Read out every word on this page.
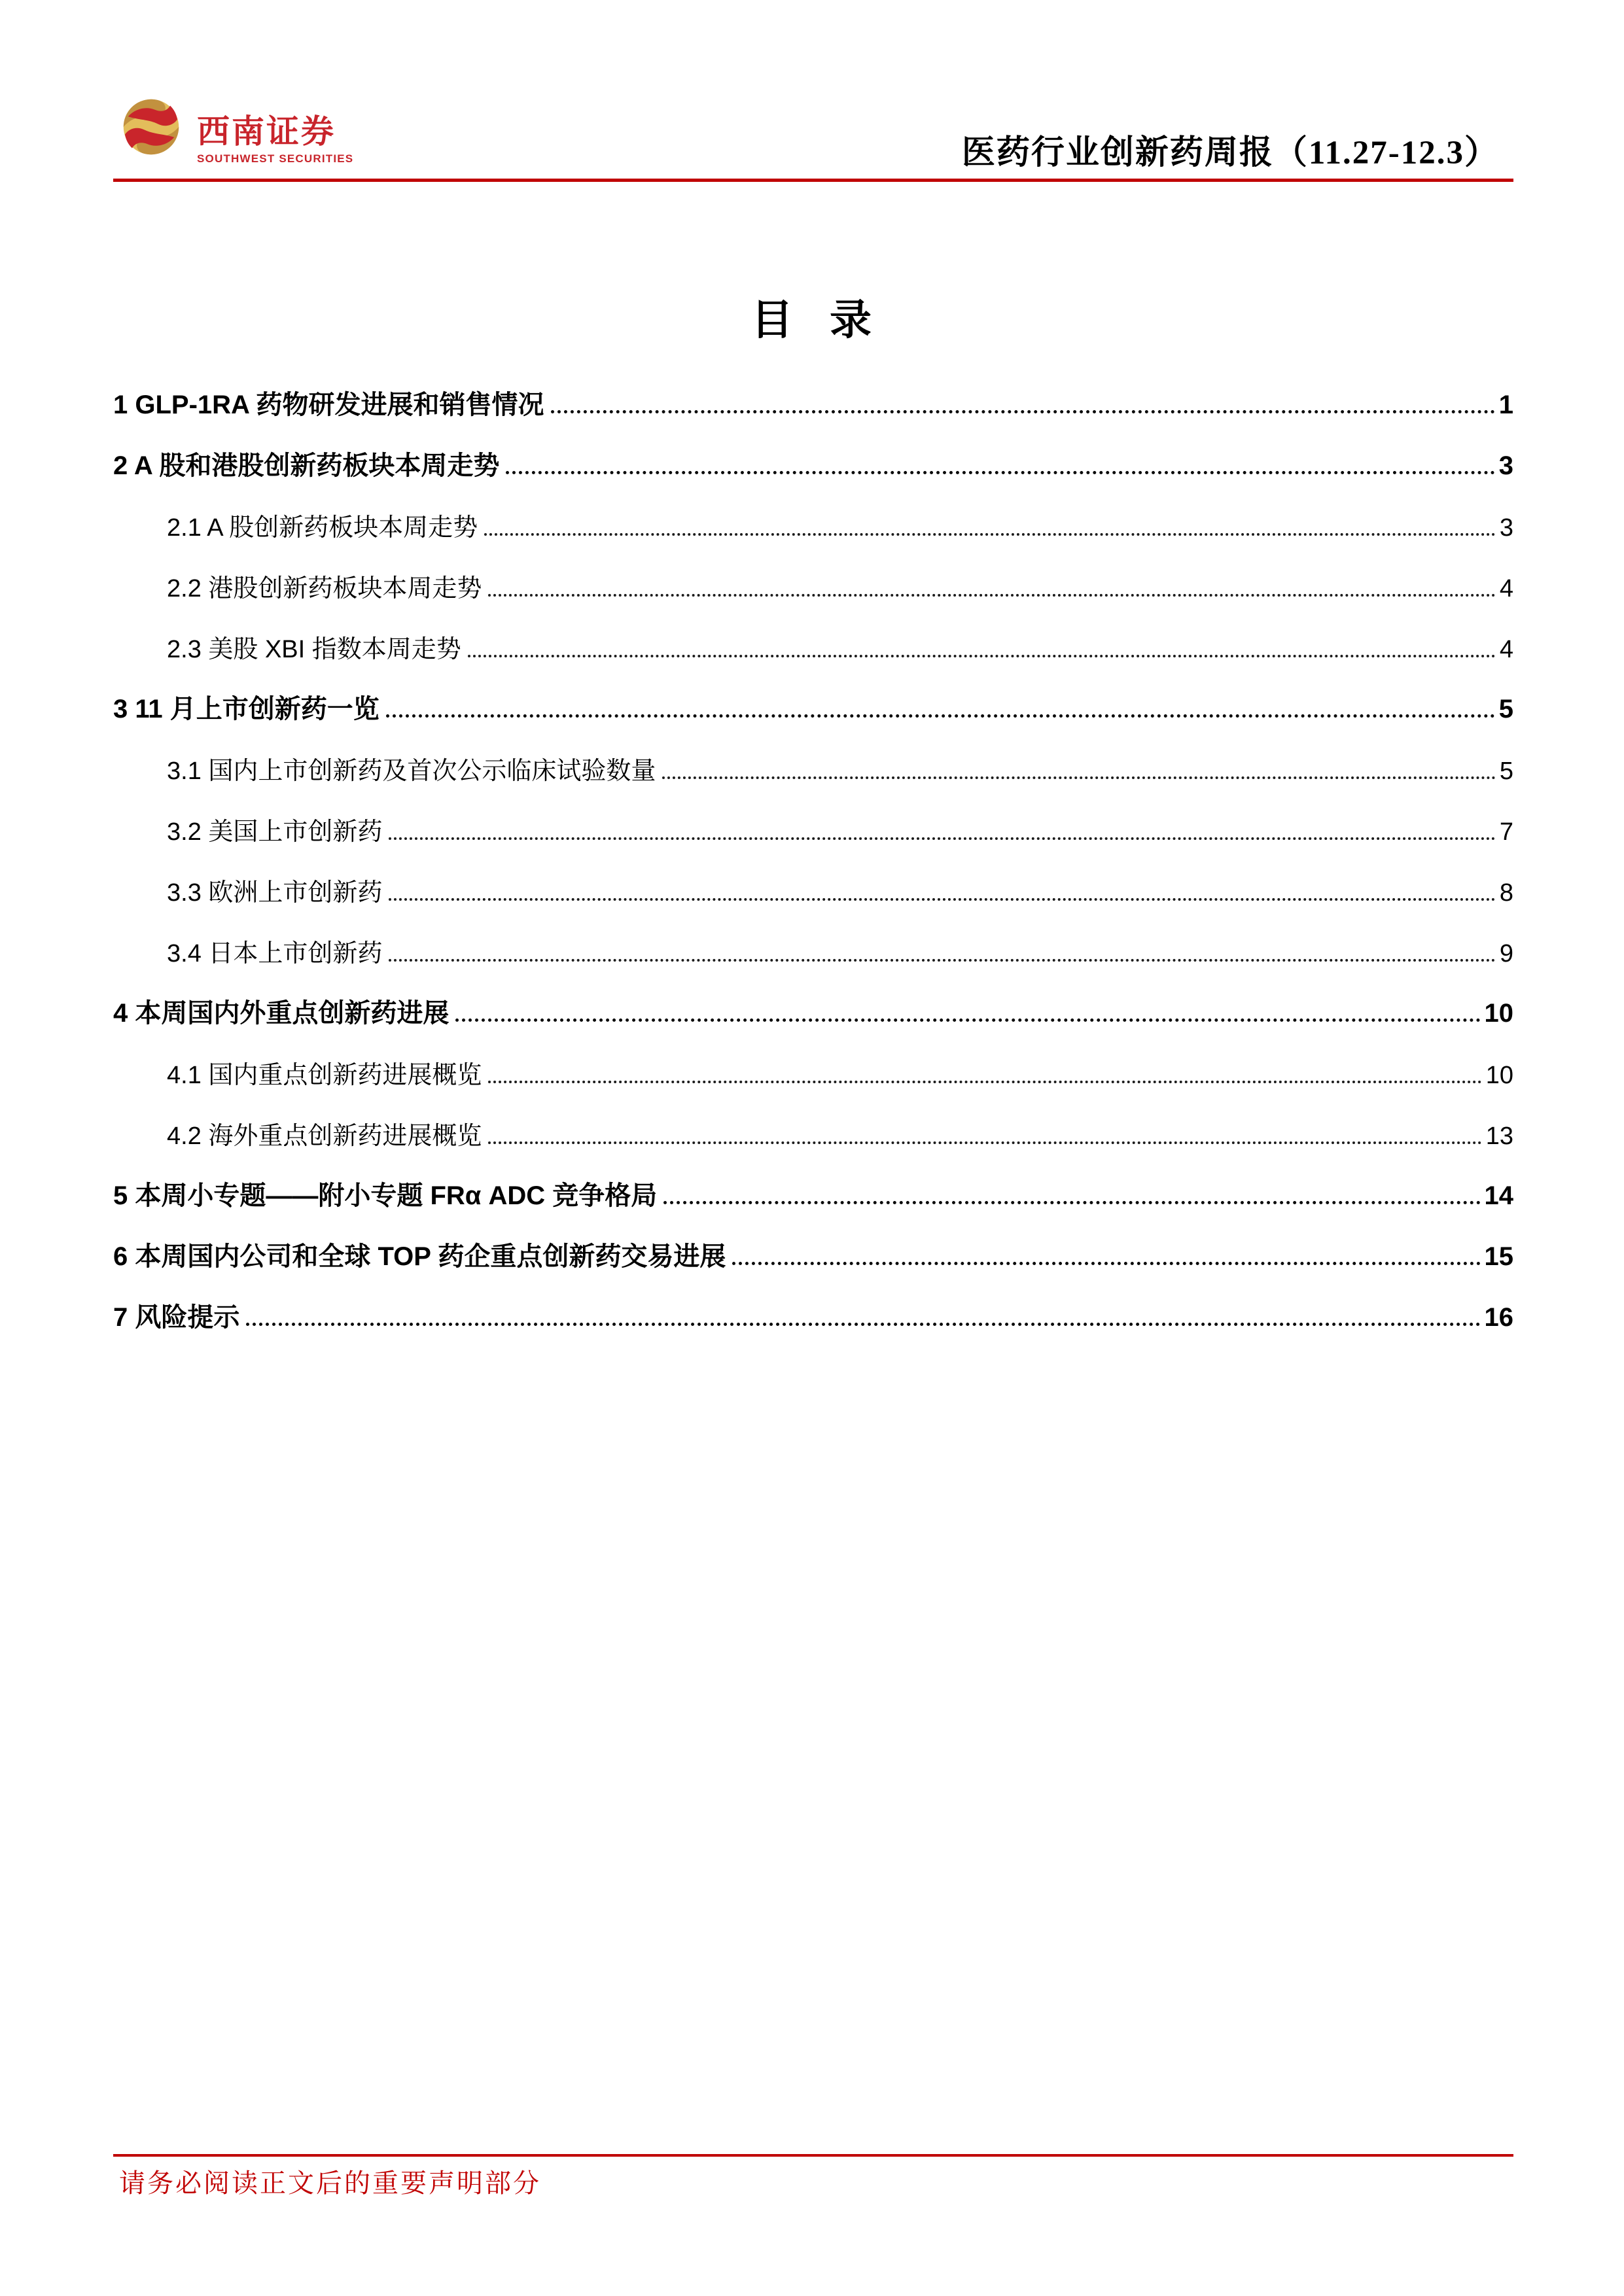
西南证券
SOUTHWEST SECURITIES	医药行业创新药周报（11.27-12.3）
目 录
1 GLP-1RA 药物研发进展和销售情况	1
2 A 股和港股创新药板块本周走势	3
2.1 A 股创新药板块本周走势	3
2.2 港股创新药板块本周走势	4
2.3 美股 XBI 指数本周走势	4
3 11 月上市创新药一览	5
3.1 国内上市创新药及首次公示临床试验数量	5
3.2 美国上市创新药	7
3.3 欧洲上市创新药	8
3.4 日本上市创新药	9
4 本周国内外重点创新药进展	10
4.1 国内重点创新药进展概览	10
4.2 海外重点创新药进展概览	13
5 本周小专题——附小专题 FRα ADC 竞争格局	14
6 本周国内公司和全球 TOP 药企重点创新药交易进展	15
7 风险提示	16
请务必阅读正文后的重要声明部分
